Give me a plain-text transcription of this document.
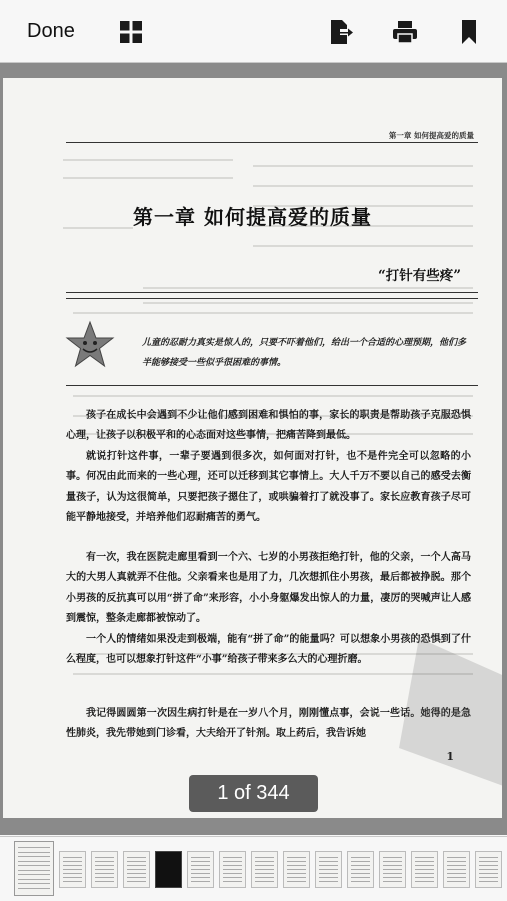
Done
第一章 如何提高爱的质量
第一章 如何提高爱的质量
“打针有些疼”
儿童的忍耐力真实是惊人的，只要不吓着他们，给出一个合适的心理预期，他们多半能够接受一些似乎很困难的事情。

孩子在成长中会遇到不少让他们感到困难和惧怕的事，家长的职责是帮助孩子克服恐惧心理，让孩子以积极平和的心态面对这些事情，把痛苦降到最低。

就说打针这件事，一辈子要遇到很多次，如何面对打针，也不是件完全可以忽略的小事。何况由此而来的一些心理，还可以迁移到其它事情上。大人千万不要以自己的感受去衡量孩子，认为这很简单，只要把孩子摁住了，或哄骗着打了就没事了。家长应教育孩子尽可能平静地接受，并培养他们忍耐痛苦的勇气。

有一次，我在医院走廊里看到一个六、七岁的小男孩拒绝打针，他的父亲，一个人高马大的大男人真就弄不住他。父亲看来也是用了力，几次想抓住小男孩，最后都被挣脱。那个小男孩的反抗真可以用“拼了命”来形容，小小身躯爆发出惊人的力量，凄厉的哭喊声让人感到震惊，整条走廊都被惊动了。

一个人的情绪如果没走到极端，能有“拼了命”的能量吗？可以想象小男孩的恐惧到了什么程度，也可以想象打针这件“小事”给孩子带来多么大的心理折磨。

我记得圆圆第一次因生病打针是在一岁八个月，刚刚懂点事，会说一些话。她得的是急性肺炎，我先带她到门诊看，大夫给开了针剂。取上药后，我告诉她

1
1 of 344
